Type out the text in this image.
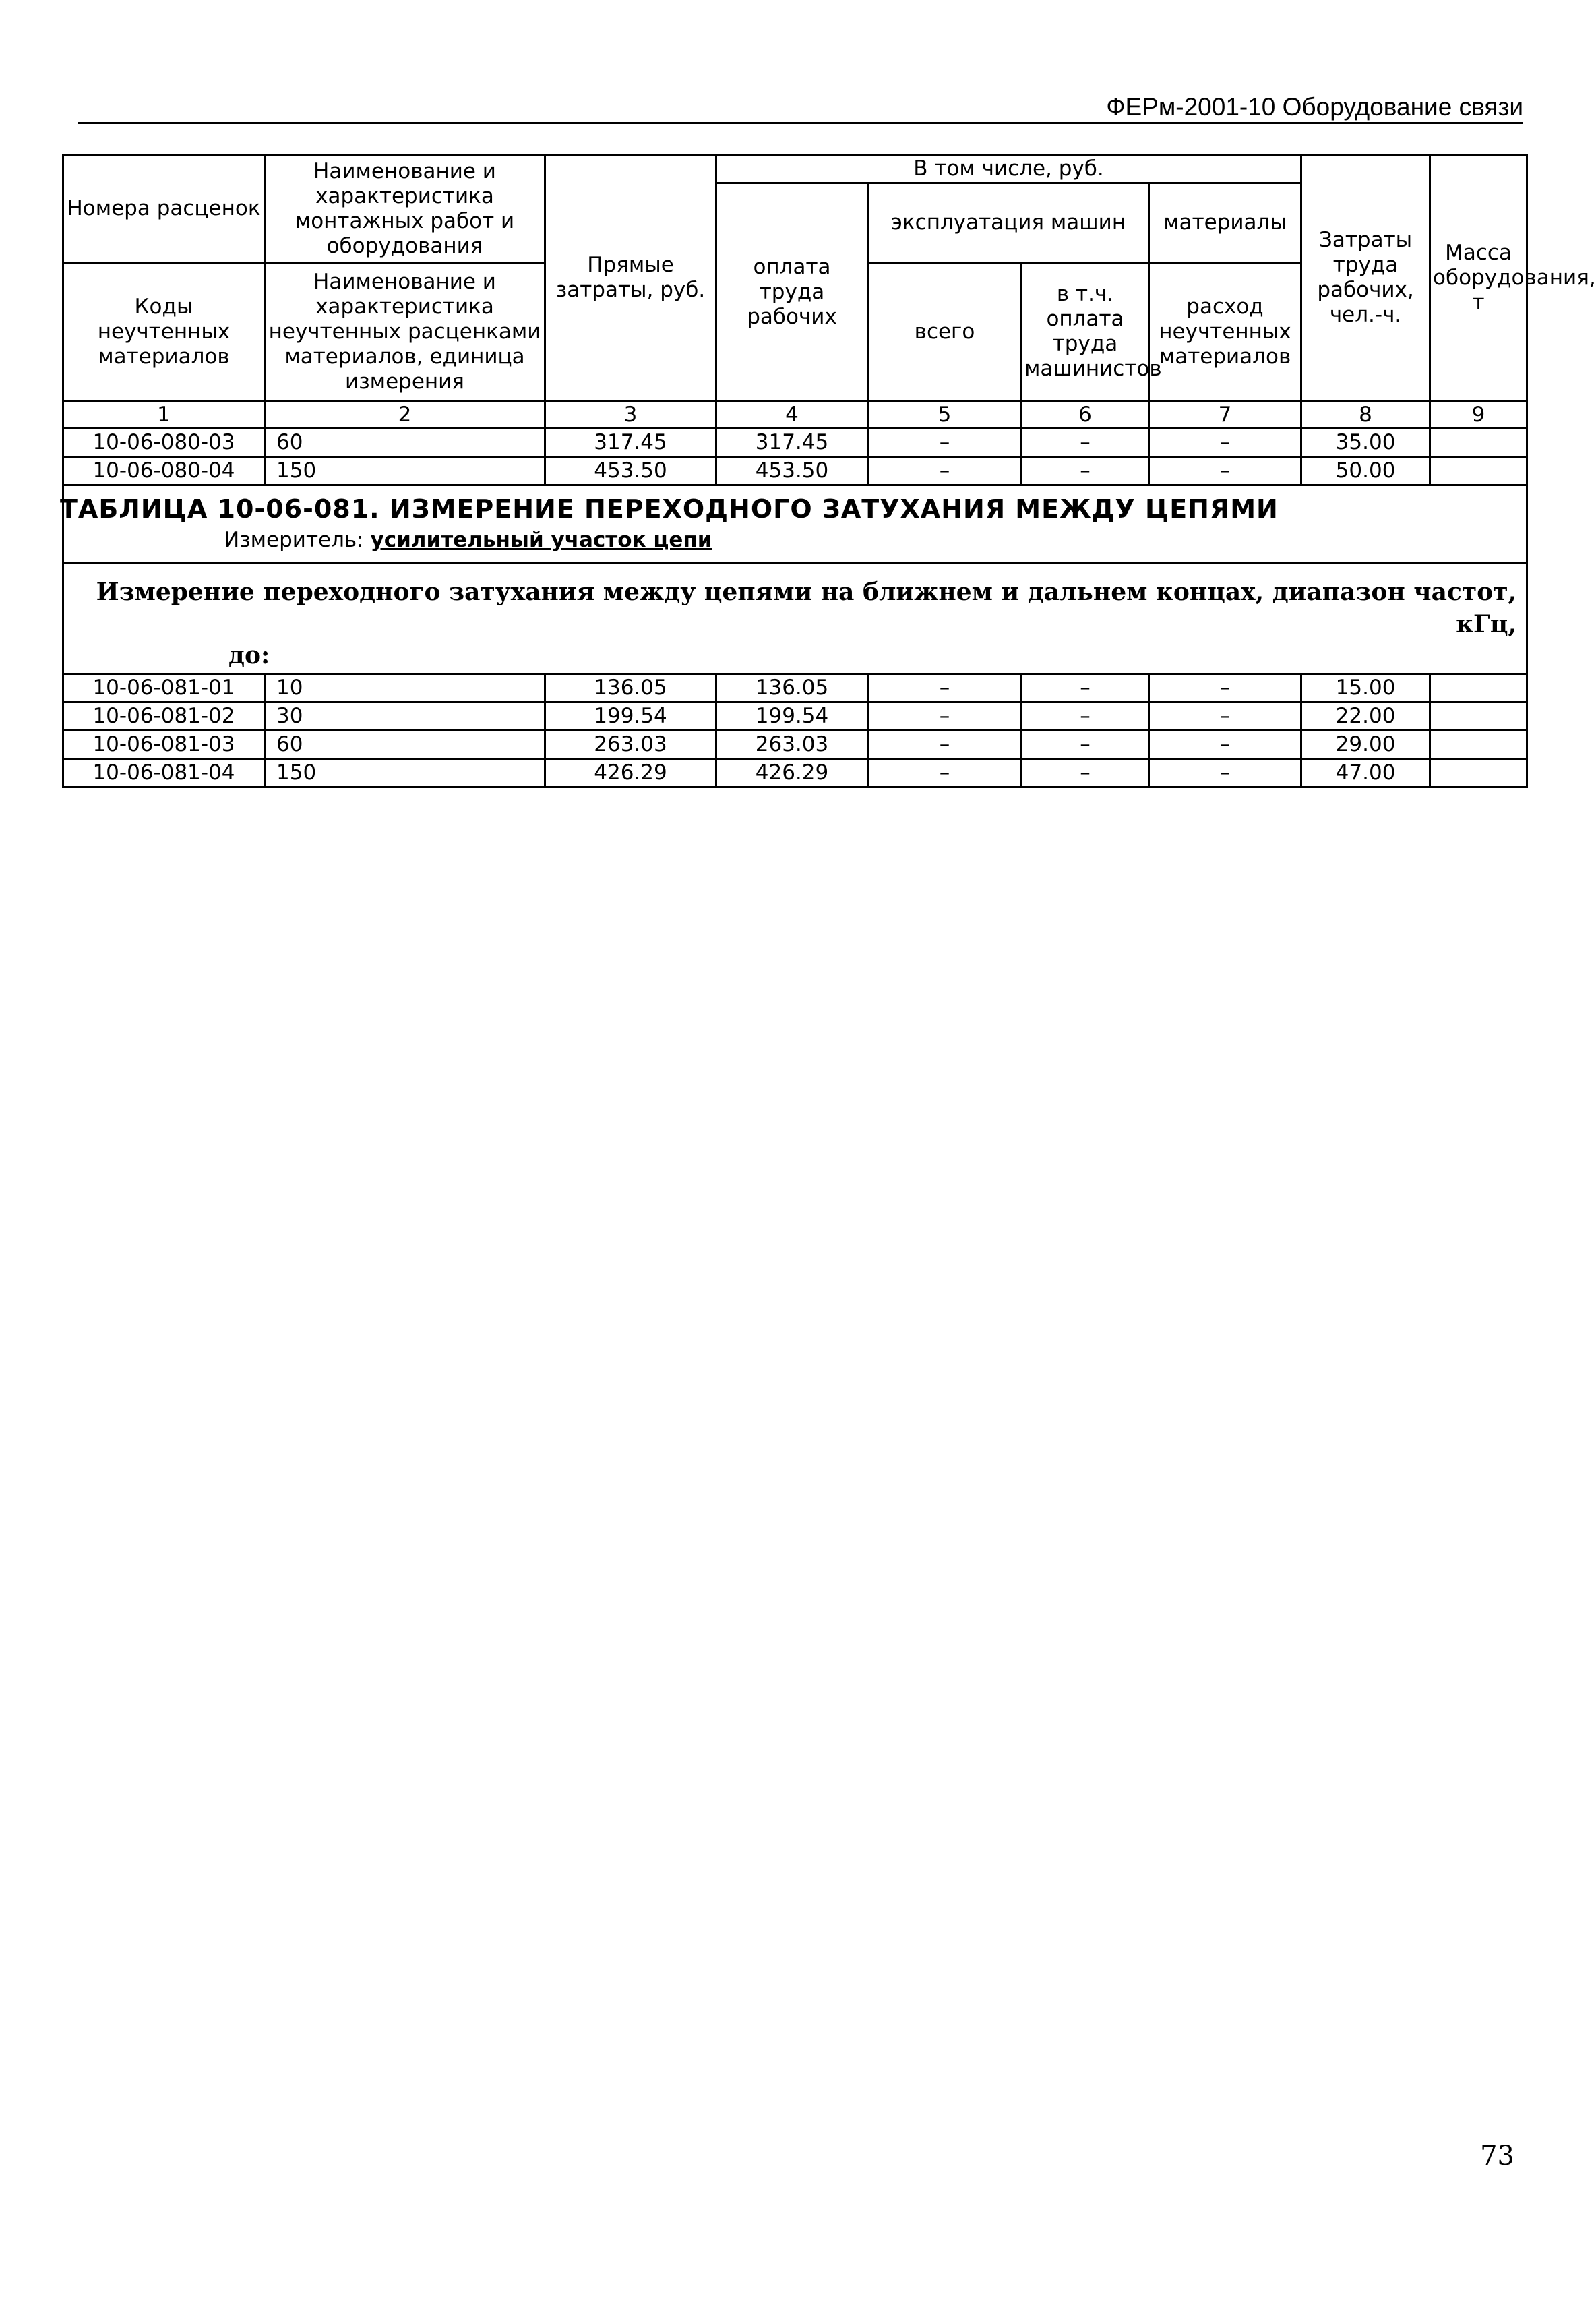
ФЕРм-2001-10 Оборудование связи
Номера расценок	Наименование и характеристика монтажных работ и оборудования	Прямые затраты, руб.	В том числе, руб.				Затраты труда рабочих, чел.-ч.	Масса оборудования, т
			оплата труда рабочих	эксплуатация машин		материалы		
Коды неучтенных материалов	Наименование и характеристика неучтенных расценками материалов, единица измерения			всего	в т.ч. оплата труда машинистов	расход неучтенных материалов		
1	2	3	4	5	6	7	8	9
10-06-080-03	60	317.45	317.45	–	–	–	35.00	
10-06-080-04	150	453.50	453.50	–	–	–	50.00	

ТАБЛИЦА 10-06-081. ИЗМЕРЕНИЕ ПЕРЕХОДНОГО ЗАТУХАНИЯ МЕЖДУ ЦЕПЯМИ
Измеритель: усилительный участок цепи								

Измерение переходного затухания между цепями на ближнем и дальнем концах, диапазон частот, кГц,
до:								

10-06-081-01	10	136.05	136.05	–	–	–	15.00	
10-06-081-02	30	199.54	199.54	–	–	–	22.00	
10-06-081-03	60	263.03	263.03	–	–	–	29.00	
10-06-081-04	150	426.29	426.29	–	–	–	47.00	
73
